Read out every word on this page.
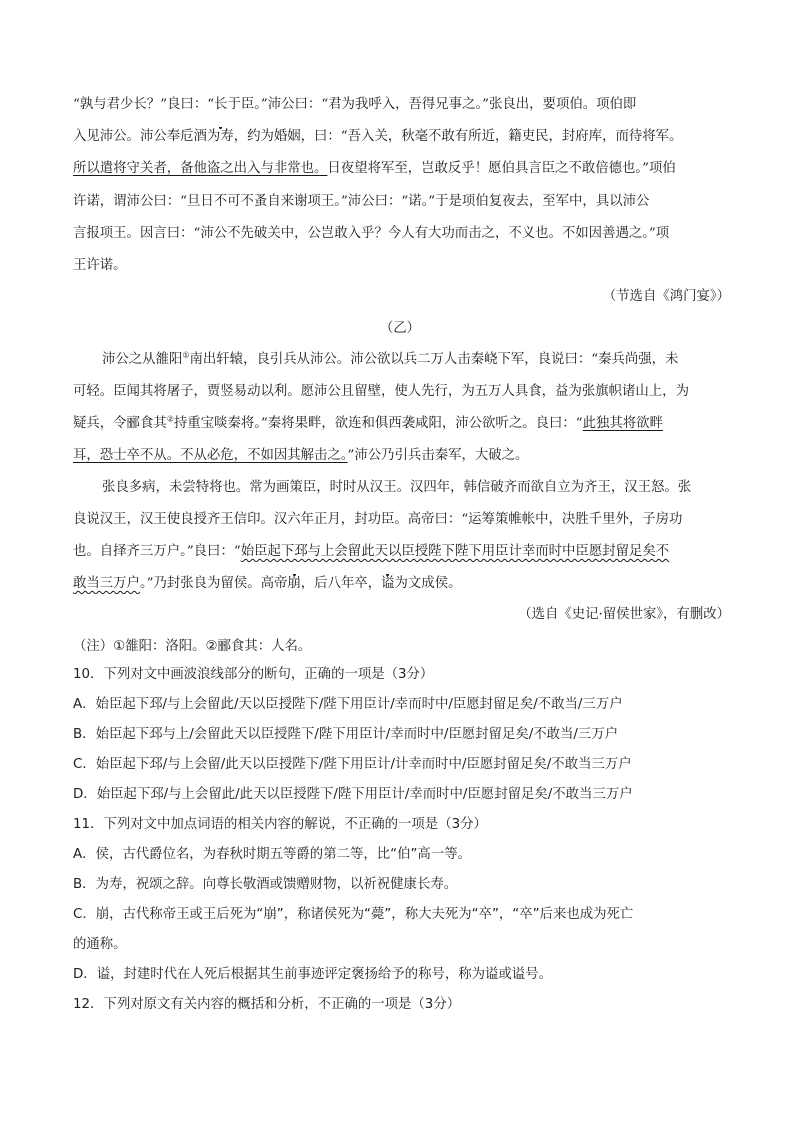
“孰与君少长？”良曰：“长于臣。”沛公曰：“君为我呼入，吾得兄事之。”张良出，要项伯。项伯即
入见沛公。沛公奉卮酒为寿，约为婚姻，曰：“吾入关，秋毫不敢有所近，籍吏民，封府库，而待将军。
所以遣将守关者，备他盗之出入与非常也。日夜望将军至，岂敢反乎！愿伯具言臣之不敢倍德也。”项伯
许诺，谓沛公曰：“旦日不可不蚤自来谢项王。”沛公曰：“诺。”于是项伯复夜去，至军中，具以沛公
言报项王。因言曰：“沛公不先破关中，公岂敢入乎？今人有大功而击之，不义也。不如因善遇之。”项
王许诺。
（节选自《鸿门宴》）
（乙）
沛公之从雒阳①南出轩辕，良引兵从沛公。沛公欲以兵二万人击秦峣下军，良说曰：“秦兵尚强，未
可轻。臣闻其将屠子，贾竖易动以利。愿沛公且留壁，使人先行，为五万人具食，益为张旗帜诸山上，为
疑兵，令郦食其②持重宝啖秦将。”秦将果畔，欲连和俱西袭咸阳，沛公欲听之。良曰：“此独其将欲畔
耳，恐士卒不从。不从必危，不如因其解击之。”沛公乃引兵击秦军，大破之。
张良多病，未尝特将也。常为画策臣，时时从汉王。汉四年，韩信破齐而欲自立为齐王，汉王怒。张
良说汉王，汉王使良授齐王信印。汉六年正月，封功臣。高帝曰：“运筹策帷帐中，决胜千里外，子房功
也。自择齐三万户。”良曰：“始臣起下邳与上会留此天以臣授陛下陛下用臣计幸而时中臣愿封留足矣不
敢当三万户。”乃封张良为留侯。高帝崩，后八年卒，谥为文成侯。
（选自《史记·留侯世家》，有删改）
（注）①雒阳：洛阳。②郦食其：人名。
10．下列对文中画波浪线部分的断句，正确的一项是（3分）
A．始臣起下邳/与上会留此/天以臣授陛下/陛下用臣计/幸而时中/臣愿封留足矣/不敢当/三万户
B．始臣起下邳与上/会留此天以臣授陛下/陛下用臣计/幸而时中/臣愿封留足矣/不敢当/三万户
C．始臣起下邳/与上会留/此天以臣授陛下/陛下用臣计/计幸而时中/臣愿封留足矣/不敢当三万户
D．始臣起下邳/与上会留此/此天以臣授陛下/陛下用臣计/幸而时中/臣愿封留足矣/不敢当三万户
11．下列对文中加点词语的相关内容的解说，不正确的一项是（3分）
A．侯，古代爵位名，为春秋时期五等爵的第二等，比“伯”高一等。
B．为寿，祝颂之辞。向尊长敬酒或馈赠财物，以祈祝健康长寿。
C．崩，古代称帝王或王后死为“崩”，称诸侯死为“薨”，称大夫死为“卒”，“卒”后来也成为死亡
的通称。
D．谥，封建时代在人死后根据其生前事迹评定褒扬给予的称号，称为谥或谥号。
12．下列对原文有关内容的概括和分析，不正确的一项是（3分）
